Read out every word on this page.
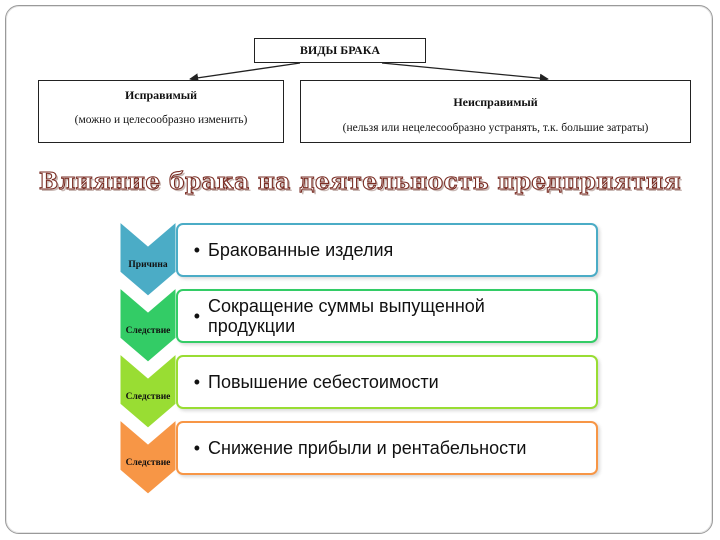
ВИДЫ БРАКА
Исправимый
(можно и целесообразно изменить)
Неисправимый
(нельзя или нецелесообразно устранять, т.к. большие затраты)
Влияние брака на деятельность предприятия
Причина
Следствие
Следствие
Следствие
• Бракованные изделия
• Сокращение суммы выпущенной продукции
• Повышение себестоимости
• Снижение прибыли и рентабельности
